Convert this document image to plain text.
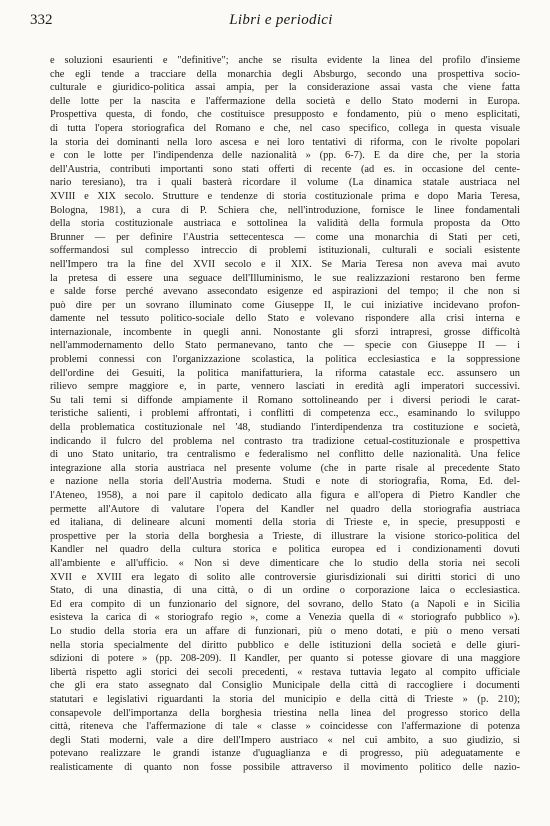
332	Libri e periodici
e soluzioni esaurienti e "definitive"; anche se risulta evidente la linea del profilo d'insieme
che egli tende a tracciare della monarchia degli Absburgo, secondo una prospettiva socio-
culturale e giuridico-politica assai ampia, per la considerazione assai vasta che viene fatta
delle lotte per la nascita e l'affermazione della società e dello Stato moderni in Europa.
Prospettiva questa, di fondo, che costituisce presupposto e fondamento, più o meno esplicitati,
di tutta l'opera storiografica del Romano e che, nel caso specifico, collega in questa visuale
la storia dei dominanti nella loro ascesa e nei loro tentativi di riforma, con le rivolte popolari
e con le lotte per l'indipendenza delle nazionalità » (pp. 6-7). E da dire che, per la storia
dell'Austria, contributi importanti sono stati offerti di recente (ad es. in occasione del cente-
nario teresiano), tra i quali basterà ricordare il volume (La dinamica statale austriaca nel
XVIII e XIX secolo. Strutture e tendenze di storia costituzionale prima e dopo Maria Teresa,
Bologna, 1981), a cura di P. Schiera che, nell'introduzione, fornisce le linee fondamentali
della storia costituzionale austriaca e sottolinea la validità della formula proposta da Otto
Brunner — per definire l'Austria settecentesca — come una monarchia di Stati per ceti,
soffermandosi sul complesso intreccio di problemi istituzionali, culturali e sociali esistente
nell'Impero tra la fine del XVII secolo e il XIX. Se Maria Teresa non aveva mai avuto
la pretesa di essere una seguace dell'Illuminismo, le sue realizzazioni restarono ben ferme
e salde forse perché avevano assecondato esigenze ed aspirazioni del tempo; il che non si
può dire per un sovrano illuminato come Giuseppe II, le cui iniziative incidevano profon-
damente nel tessuto politico-sociale dello Stato e volevano rispondere alla crisi interna e
internazionale, incombente in quegli anni. Nonostante gli sforzi intrapresi, grosse difficoltà
nell'ammodernamento dello Stato permanevano, tanto che — specie con Giuseppe II — i
problemi connessi con l'organizzazione scolastica, la politica ecclesiastica e la soppressione
dell'ordine dei Gesuiti, la politica manifatturiera, la riforma catastale ecc. assunsero un
rilievo sempre maggiore e, in parte, vennero lasciati in eredità agli imperatori successivi.
Su tali temi si diffonde ampiamente il Romano sottolineando per i diversi periodi le carat-
teristiche salienti, i problemi affrontati, i conflitti di competenza ecc., esaminando lo sviluppo
della problematica costituzionale nel '48, studiando l'interdipendenza tra costituzione e società,
indicando il fulcro del problema nel contrasto tra tradizione cetual-costituzionale e prospettiva
di uno Stato unitario, tra centralismo e federalismo nel conflitto delle nazionalità. Una felice
integrazione alla storia austriaca nel presente volume (che in parte risale al precedente Stato
e nazione nella storia dell'Austria moderna. Studi e note di storiografia, Roma, Ed. del-
l'Ateneo, 1958), a noi pare il capitolo dedicato alla figura e all'opera di Pietro Kandler che
permette all'Autore di valutare l'opera del Kandler nel quadro della storiografia austriaca
ed italiana, di delineare alcuni momenti della storia di Trieste e, in specie, presupposti e
prospettive per la storia della borghesia a Trieste, di illustrare la visione storico-politica del
Kandler nel quadro della cultura storica e politica europea ed i condizionamenti dovuti
all'ambiente e all'ufficio. « Non si deve dimenticare che lo studio della storia nei secoli
XVII e XVIII era legato di solito alle controversie giurisdizionali sui diritti storici di uno
Stato, di una dinastia, di una città, o di un ordine o corporazione laica o ecclesiastica.
Ed era compito di un funzionario del signore, del sovrano, dello Stato (a Napoli e in Sicilia
esisteva la carica di « storiografo regio », come a Venezia quella di « storiografo pubblico »).
Lo studio della storia era un affare di funzionari, più o meno dotati, e più o meno versati
nella storia specialmente del diritto pubblico e delle istituzioni della società e delle giuri-
sdizioni di potere » (pp. 208-209). Il Kandler, per quanto si potesse giovare di una maggiore
libertà rispetto agli storici dei secoli precedenti, « restava tuttavia legato al compito ufficiale
che gli era stato assegnato dal Consiglio Municipale della città di raccogliere i documenti
statutari e legislativi riguardanti la storia del municipio e della città di Trieste » (p. 210);
consapevole dell'importanza della borghesia triestina nella linea del progresso storico della
città, riteneva che l'affermazione di tale « classe » coincidesse con l'affermazione di potenza
degli Stati moderni, vale a dire dell'Impero austriaco « nel cui ambito, a suo giudizio, si
potevano realizzare le grandi istanze d'uguaglianza e di progresso, più adeguatamente e
realisticamente di quanto non fosse possibile attraverso il movimento politico delle nazio-
